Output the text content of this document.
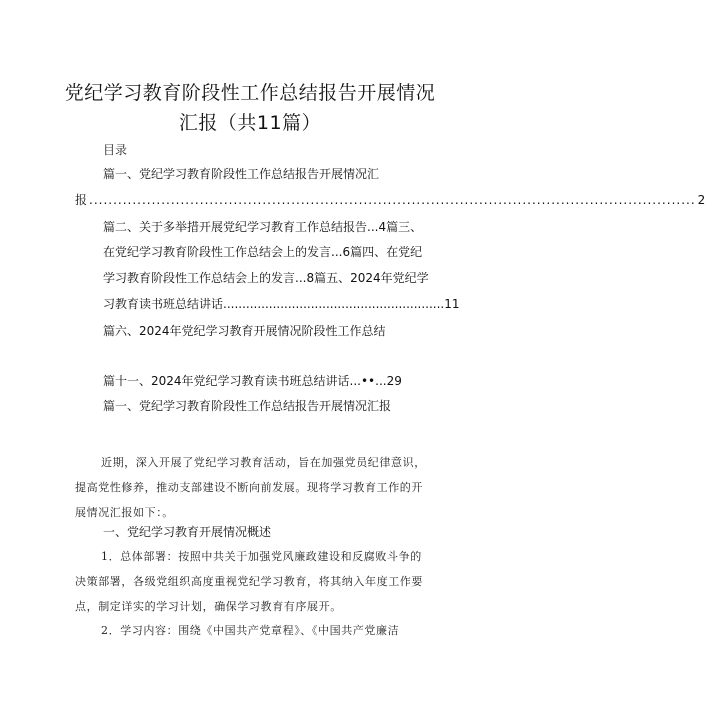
党纪学习教育阶段性工作总结报告开展情况汇报（共11篇）
目录
篇一、党纪学习教育阶段性工作总结报告开展情况汇
报 .............................................................................................................................. 2
篇二、关于多举措开展党纪学习教育工作总结报告...4篇三、
在党纪学习教育阶段性工作总结会上的发言...6篇四、在党纪
学习教育阶段性工作总结会上的发言...8篇五、2024年党纪学
习教育读书班总结讲话..........................................................11
篇六、2024年党纪学习教育开展情况阶段性工作总结
篇十一、2024年党纪学习教育读书班总结讲话...••...29
篇一、党纪学习教育阶段性工作总结报告开展情况汇报
近期，深入开展了党纪学习教育活动，旨在加强党员纪律意识，提高党性修养，推动支部建设不断向前发展。现将学习教育工作的开展情况汇报如下：。
一、党纪学习教育开展情况概述
1．总体部署：按照中共关于加强党风廉政建设和反腐败斗争的决策部署，各级党组织高度重视党纪学习教育，将其纳入年度工作要点，制定详实的学习计划，确保学习教育有序展开。
2．学习内容：围绕《中国共产党章程》、《中国共产党廉洁
